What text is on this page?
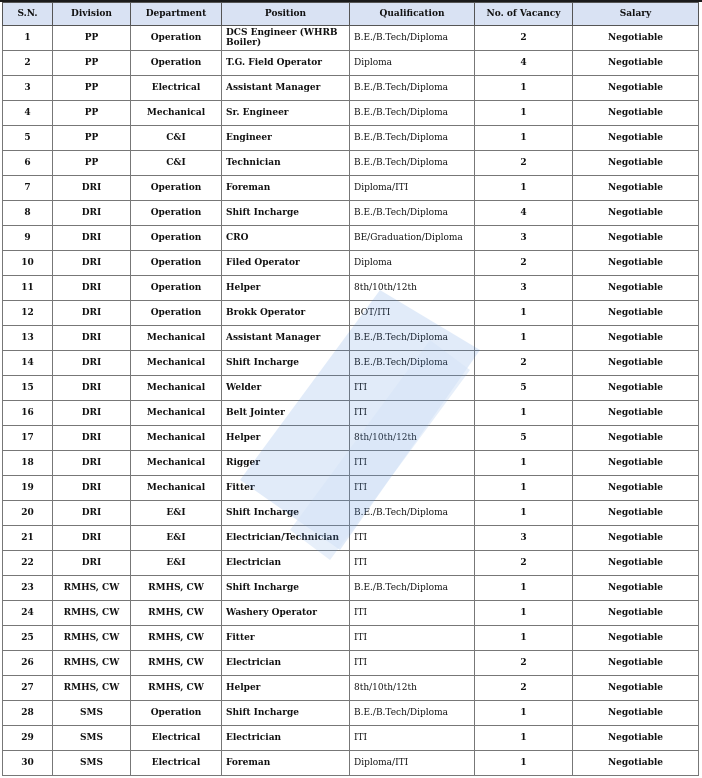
S.N.	Division	Department	Position	Qualification	No. of Vacancy	Salary
1	PP	Operation	DCS Engineer (WHRB Boiler)	B.E./B.Tech/Diploma	2	Negotiable
2	PP	Operation	T.G. Field Operator	Diploma	4	Negotiable
3	PP	Electrical	Assistant Manager	B.E./B.Tech/Diploma	1	Negotiable
4	PP	Mechanical	Sr. Engineer	B.E./B.Tech/Diploma	1	Negotiable
5	PP	C&I	Engineer	B.E./B.Tech/Diploma	1	Negotiable
6	PP	C&I	Technician	B.E./B.Tech/Diploma	2	Negotiable
7	DRI	Operation	Foreman	Diploma/ITI	1	Negotiable
8	DRI	Operation	Shift Incharge	B.E./B.Tech/Diploma	4	Negotiable
9	DRI	Operation	CRO	BE/Graduation/Diploma	3	Negotiable
10	DRI	Operation	Filed Operator	Diploma	2	Negotiable
11	DRI	Operation	Helper	8th/10th/12th	3	Negotiable
12	DRI	Operation	Brokk Operator	BOT/ITI	1	Negotiable
13	DRI	Mechanical	Assistant Manager	B.E./B.Tech/Diploma	1	Negotiable
14	DRI	Mechanical	Shift Incharge	B.E./B.Tech/Diploma	2	Negotiable
15	DRI	Mechanical	Welder	ITI	5	Negotiable
16	DRI	Mechanical	Belt Jointer	ITI	1	Negotiable
17	DRI	Mechanical	Helper	8th/10th/12th	5	Negotiable
18	DRI	Mechanical	Rigger	ITI	1	Negotiable
19	DRI	Mechanical	Fitter	ITI	1	Negotiable
20	DRI	E&I	Shift Incharge	B.E./B.Tech/Diploma	1	Negotiable
21	DRI	E&I	Electrician/Technician	ITI	3	Negotiable
22	DRI	E&I	Electrician	ITI	2	Negotiable
23	RMHS, CW	RMHS, CW	Shift Incharge	B.E./B.Tech/Diploma	1	Negotiable
24	RMHS, CW	RMHS, CW	Washery Operator	ITI	1	Negotiable
25	RMHS, CW	RMHS, CW	Fitter	ITI	1	Negotiable
26	RMHS, CW	RMHS, CW	Electrician	ITI	2	Negotiable
27	RMHS, CW	RMHS, CW	Helper	8th/10th/12th	2	Negotiable
28	SMS	Operation	Shift Incharge	B.E./B.Tech/Diploma	1	Negotiable
29	SMS	Electrical	Electrician	ITI	1	Negotiable
30	SMS	Electrical	Foreman	Diploma/ITI	1	Negotiable
